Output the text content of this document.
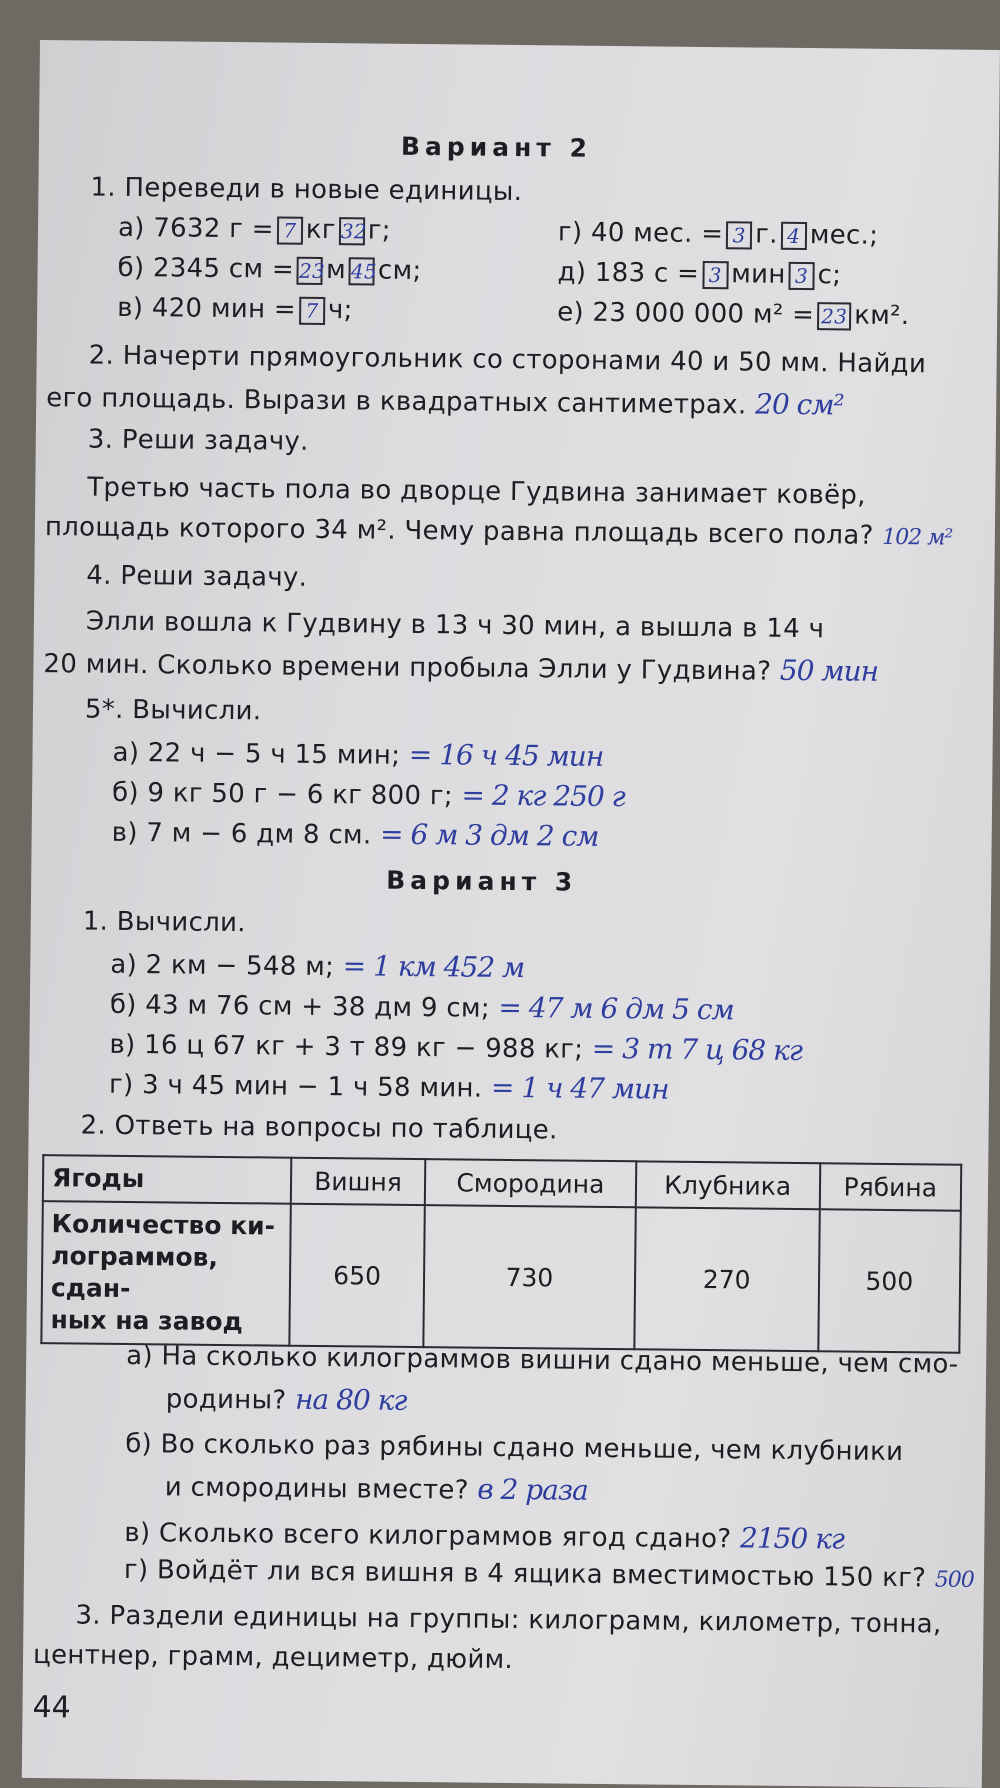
Вариант 2
1. Переведи в новые единицы.
а) 7632 г = 7 кг 32г;
б) 2345 см = 23м 45см;
в) 420 мин = 7 ч;
г) 40 мес. = 3 г. 4 мес.;
д) 183 с = 3 мин 3 с;
е) 23 000 000 м² = 23 км².
2. Начерти прямоугольник со сторонами 40 и 50 мм. Найди
его площадь. Вырази в квадратных сантиметрах. 20 см²
3. Реши задачу.
Третью часть пола во дворце Гудвина занимает ковёр,
площадь которого 34 м². Чему равна площадь всего пола? 102 м²
4. Реши задачу.
Элли вошла к Гудвину в 13 ч 30 мин, а вышла в 14 ч
20 мин. Сколько времени пробыла Элли у Гудвина? 50 мин
5*. Вычисли.
а) 22 ч − 5 ч 15 мин; = 16 ч 45 мин
б) 9 кг 50 г − 6 кг 800 г; = 2 кг 250 г
в) 7 м − 6 дм 8 см. = 6 м 3 дм 2 см
Вариант 3
1. Вычисли.
а) 2 км − 548 м; = 1 км 452 м
б) 43 м 76 см + 38 дм 9 см; = 47 м 6 дм 5 см
в) 16 ц 67 кг + 3 т 89 кг − 988 кг; = 3 т 7 ц 68 кг
г) 3 ч 45 мин − 1 ч 58 мин. = 1 ч 47 мин
2. Ответь на вопросы по таблице.
Ягоды	Вишня	Смородина	Клубника	Рябина

Количество ки-
лограммов, сдан-
ных на завод	650	730	270	500
а) На сколько килограммов вишни сдано меньше, чем смо-
родины? на 80 кг
б) Во сколько раз рябины сдано меньше, чем клубники
и смородины вместе? в 2 раза
в) Сколько всего килограммов ягод сдано? 2150 кг
г) Войдёт ли вся вишня в 4 ящика вместимостью 150 кг? 500
3. Раздели единицы на группы: килограмм, километр, тонна,
центнер, грамм, дециметр, дюйм.
44
